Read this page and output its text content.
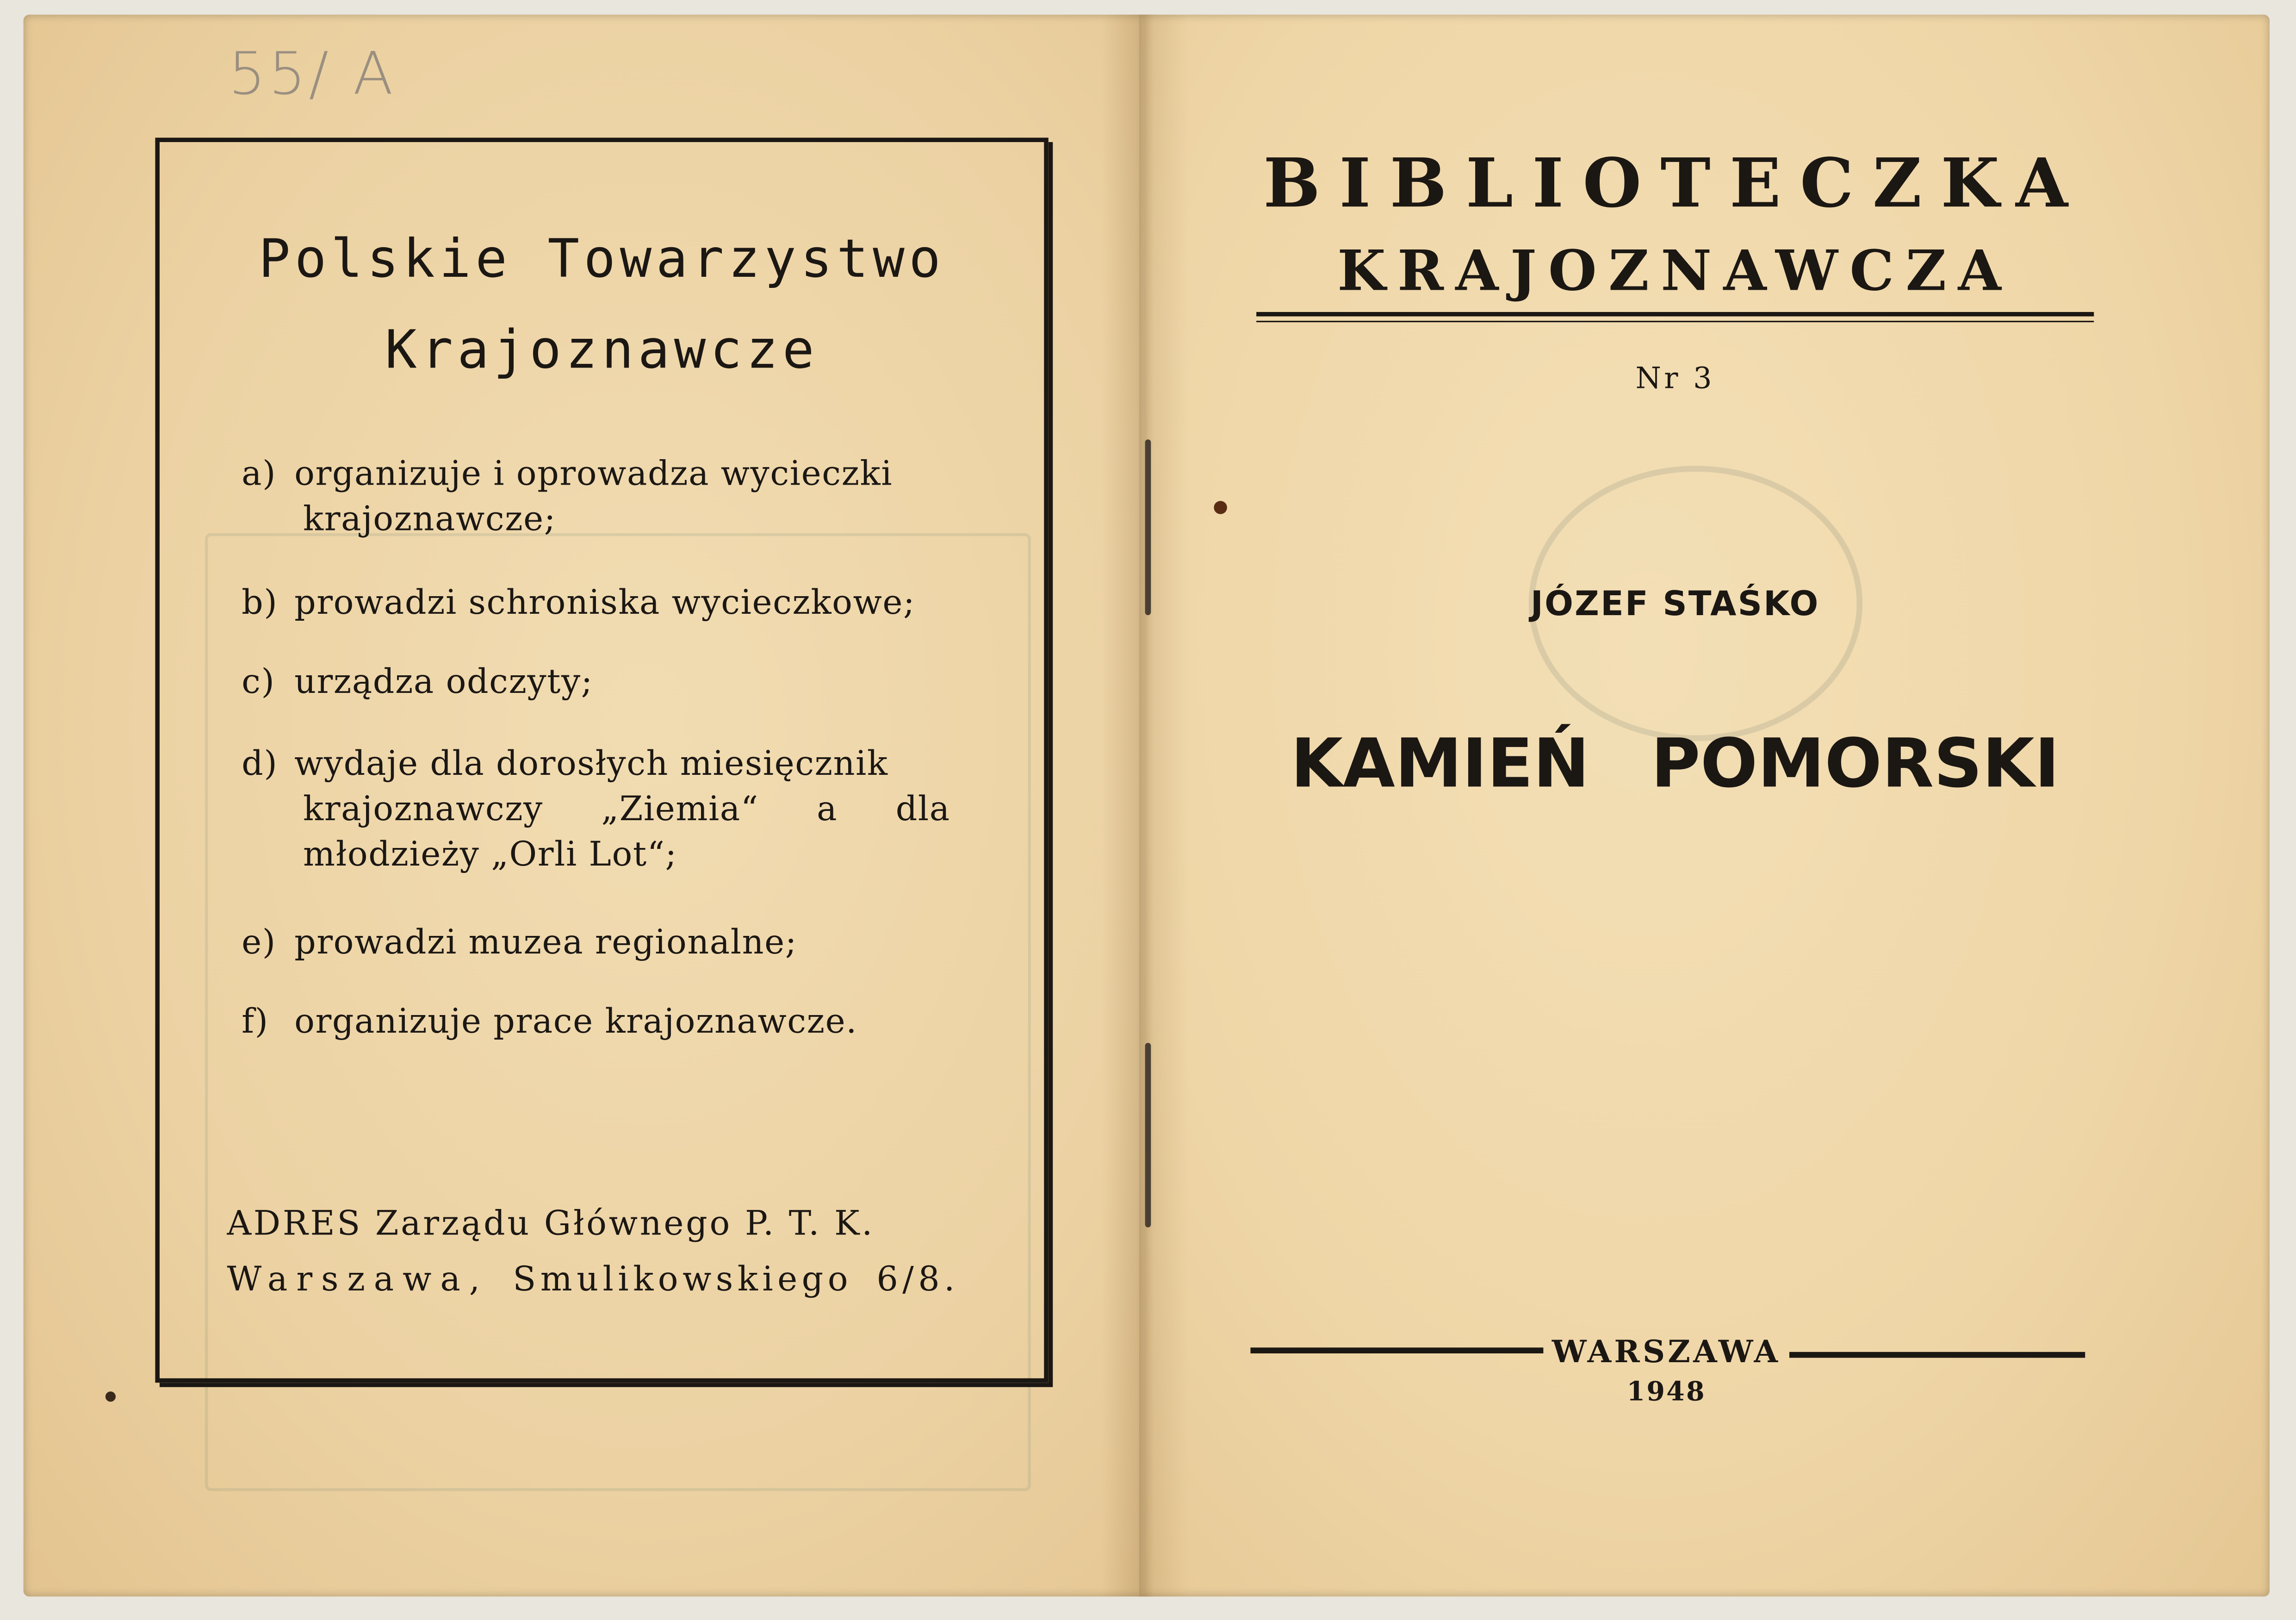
55/ A
Polskie Towarzystwo
Krajoznawcze
a) organizuje i oprowadza wycieczki
krajoznawcze;
b) prowadzi schroniska wycieczkowe;
c) urządza odczyty;
d) wydaje dla dorosłych miesięcznik
krajoznawczy „Ziemia“ a dla
młodzieży „Orli Lot“;
e) prowadzi muzea regionalne;
f) organizuje prace krajoznawcze.
ADRES Zarządu Głównego P. T. K.
Warszawa, Smulikowskiego 6/8.
BIBLIOTECZKA
KRAJOZNAWCZA
Nr 3
JÓZEF STAŚKO
KAMIEŃ POMORSKI
WARSZAWA
1948
